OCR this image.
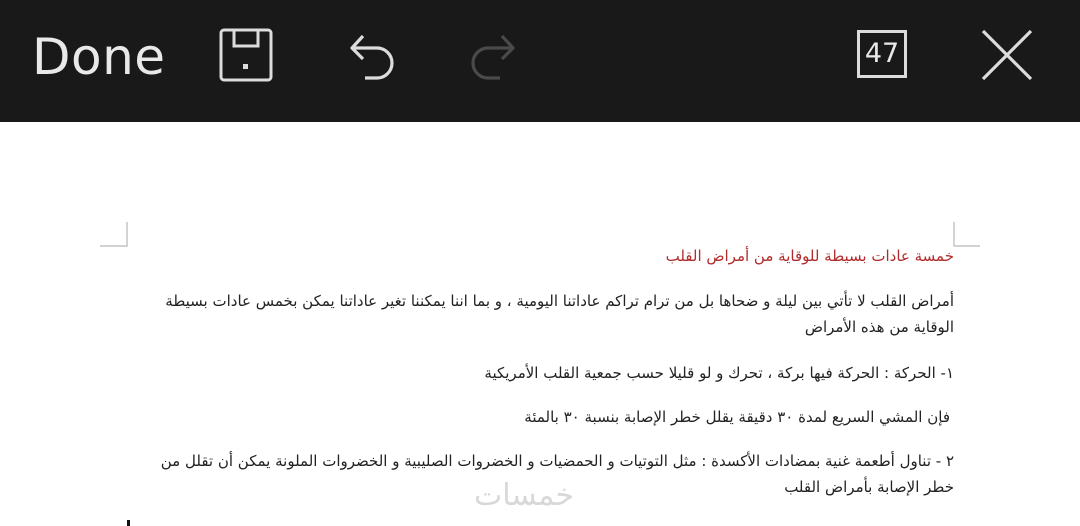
Done	47

خمسة عادات بسيطة للوقاية من أمراض القلب

أمراض القلب لا تأتي بين ليلة و ضحاها بل من ترام تراكم عاداتنا اليومية ، و بما اننا يمكننا تغير عاداتنا يمكن بخمس عادات بسيطة الوقاية من هذه الأمراض

١- الحركة : الحركة فيها بركة ، تحرك و لو قليلا حسب جمعية القلب الأمريكية

فإن المشي السريع لمدة ٣٠ دقيقة يقلل خطر الإصابة بنسبة ٣٠ بالمئة

٢ - تناول أطعمة غنية بمضادات الأكسدة : مثل التوتيات و الحمضيات و الخضروات الصليبية و الخضروات الملونة يمكن أن تقلل من خطر الإصابة بأمراض القلب

خمسات
